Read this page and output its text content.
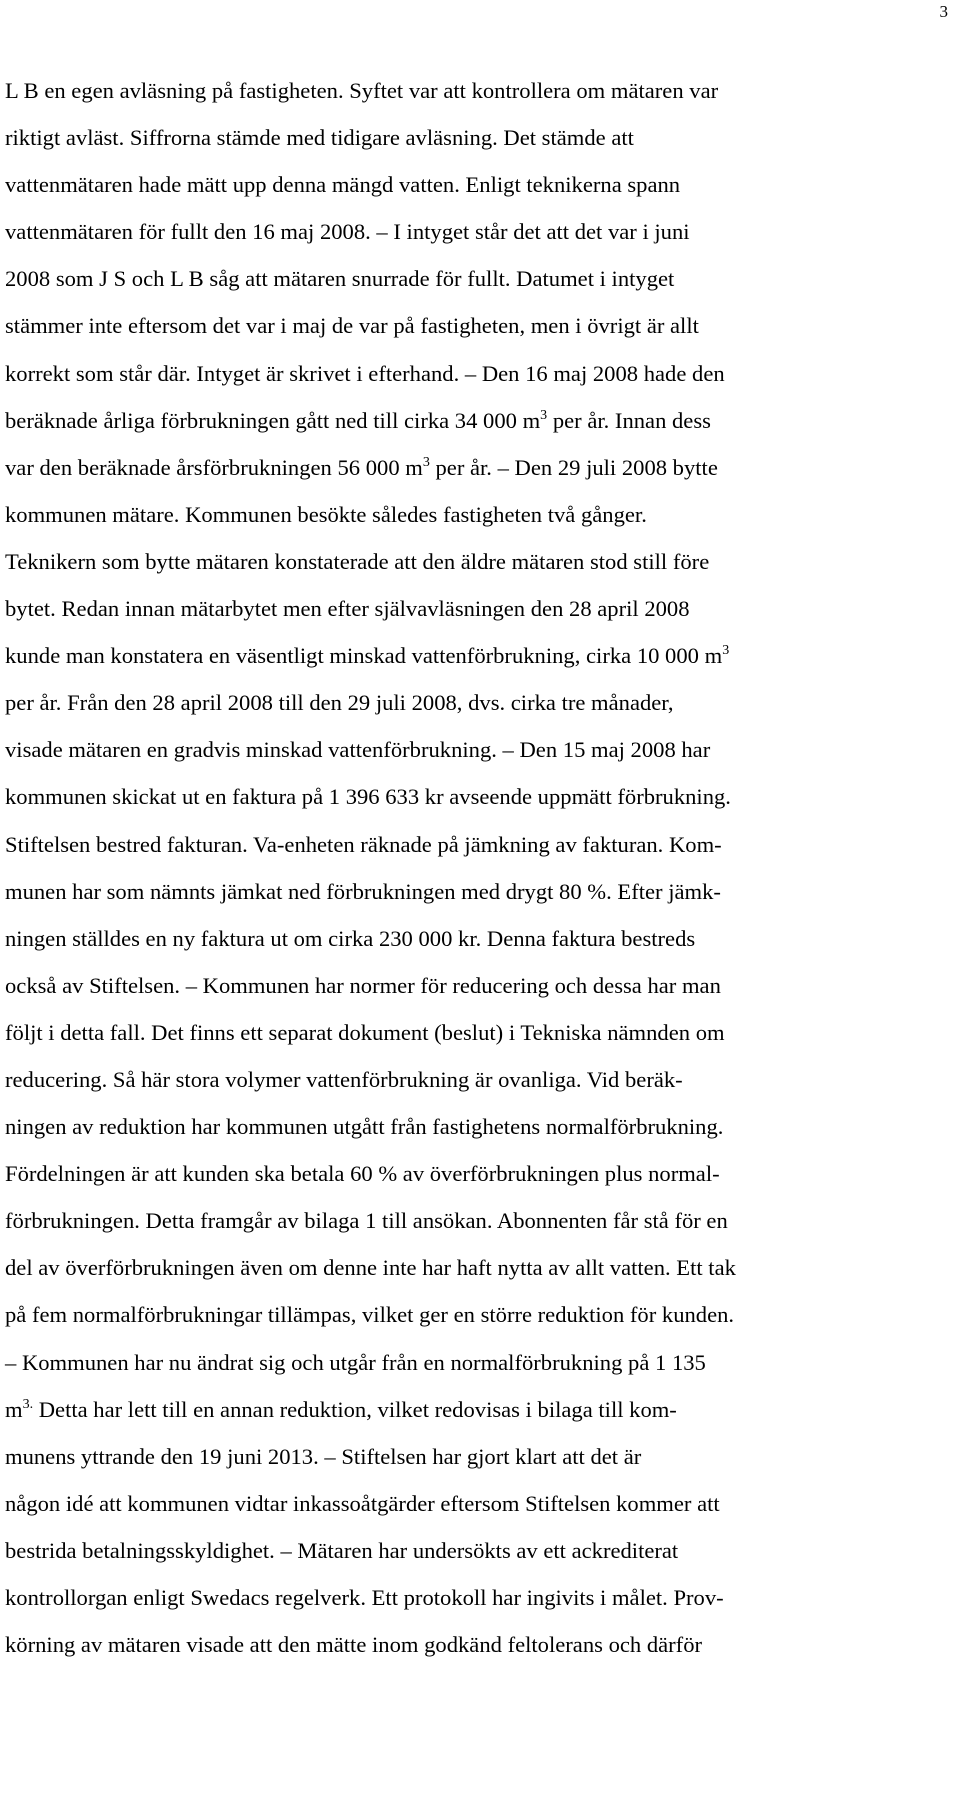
3
L B en egen avläsning på fastigheten. Syftet var att kontrollera om mätaren var
riktigt avläst. Siffrorna stämde med tidigare avläsning. Det stämde att
vattenmätaren hade mätt upp denna mängd vatten. Enligt teknikerna spann
vattenmätaren för fullt den 16 maj 2008. – I intyget står det att det var i juni
2008 som J S och L B såg att mätaren snurrade för fullt. Datumet i intyget
stämmer inte eftersom det var i maj de var på fastigheten, men i övrigt är allt
korrekt som står där. Intyget är skrivet i efterhand. – Den 16 maj 2008 hade den
beräknade årliga förbrukningen gått ned till cirka 34 000 $m^3$ per år. Innan dess
var den beräknade årsförbrukningen 56 000 $m^3$ per år. – Den 29 juli 2008 bytte
kommunen mätare. Kommunen besökte således fastigheten två gånger.
Teknikern som bytte mätaren konstaterade att den äldre mätaren stod still före
bytet. Redan innan mätarbytet men efter självavläsningen den 28 april 2008
kunde man konstatera en väsentligt minskad vattenförbrukning, cirka 10 000 $m^3$
per år. Från den 28 april 2008 till den 29 juli 2008, dvs. cirka tre månader,
visade mätaren en gradvis minskad vattenförbrukning. – Den 15 maj 2008 har
kommunen skickat ut en faktura på 1 396 633 kr avseende uppmätt förbrukning.
Stiftelsen bestred fakturan. Va-enheten räknade på jämkning av fakturan. Kom-
munen har som nämnts jämkat ned förbrukningen med drygt 80 %. Efter jämk-
ningen ställdes en ny faktura ut om cirka 230 000 kr. Denna faktura bestreds
också av Stiftelsen. – Kommunen har normer för reducering och dessa har man
följt i detta fall. Det finns ett separat dokument (beslut) i Tekniska nämnden om
reducering. Så här stora volymer vattenförbrukning är ovanliga. Vid beräk-
ningen av reduktion har kommunen utgått från fastighetens normalförbrukning.
Fördelningen är att kunden ska betala 60 % av överförbrukningen plus normal-
förbrukningen. Detta framgår av bilaga 1 till ansökan. Abonnenten får stå för en
del av överförbrukningen även om denne inte har haft nytta av allt vatten. Ett tak
på fem normalförbrukningar tillämpas, vilket ger en större reduktion för kunden.
– Kommunen har nu ändrat sig och utgår från en normalförbrukning på 1 135
$m^{3.}$ Detta har lett till en annan reduktion, vilket redovisas i bilaga till kom-
munens yttrande den 19 juni 2013. – Stiftelsen har gjort klart att det är
någon idé att kommunen vidtar inkassoåtgärder eftersom Stiftelsen kommer att
bestrida betalningsskyldighet. – Mätaren har undersökts av ett ackrediterat
kontrollorgan enligt Swedacs regelverk. Ett protokoll har ingivits i målet. Prov-
körning av mätaren visade att den mätte inom godkänd feltolerans och därför
